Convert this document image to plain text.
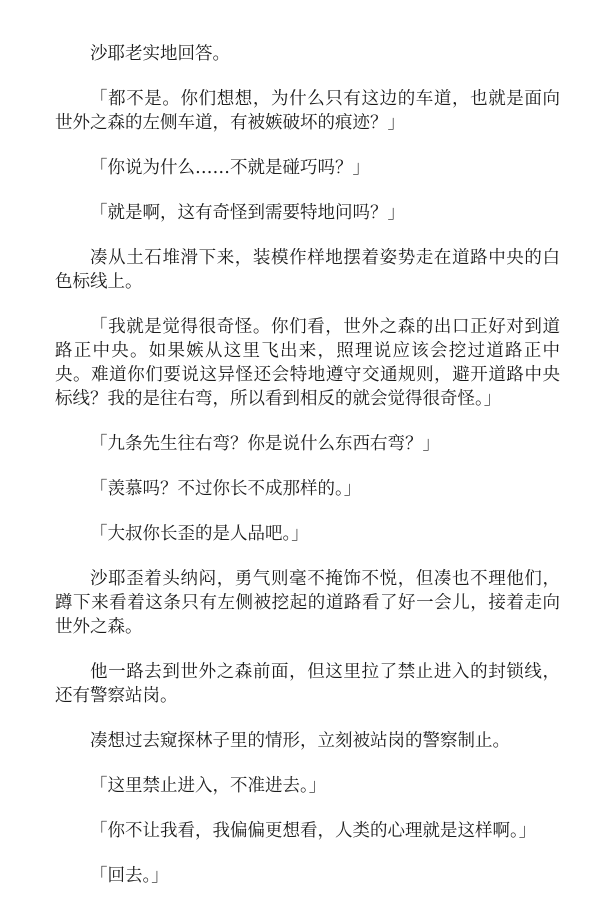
沙耶老实地回答。

「都不是。你们想想，为什么只有这边的车道，也就是面向世外之森的左侧车道，有被嫉破坏的痕迹？」

「你说为什么……不就是碰巧吗？」

「就是啊，这有奇怪到需要特地问吗？」

凑从土石堆滑下来，装模作样地摆着姿势走在道路中央的白色标线上。

「我就是觉得很奇怪。你们看，世外之森的出口正好对到道路正中央。如果嫉从这里飞出来，照理说应该会挖过道路正中央。难道你们要说这异怪还会特地遵守交通规则，避开道路中央标线？我的是往右弯，所以看到相反的就会觉得很奇怪。」

「九条先生往右弯？你是说什么东西右弯？」

「羡慕吗？不过你长不成那样的。」

「大叔你长歪的是人品吧。」

沙耶歪着头纳闷，勇气则毫不掩饰不悦，但凑也不理他们，蹲下来看着这条只有左侧被挖起的道路看了好一会儿，接着走向世外之森。

他一路去到世外之森前面，但这里拉了禁止进入的封锁线，还有警察站岗。

凑想过去窥探林子里的情形，立刻被站岗的警察制止。

「这里禁止进入，不准进去。」

「你不让我看，我偏偏更想看，人类的心理就是这样啊。」

「回去。」
